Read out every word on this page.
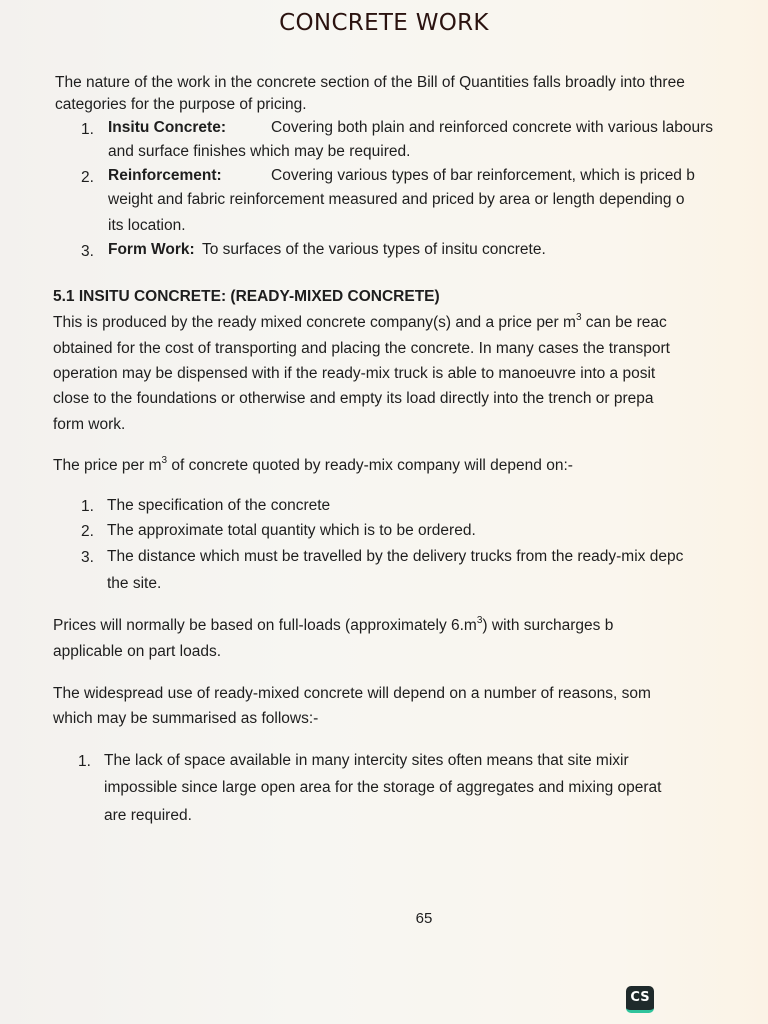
CONCRETE WORK
The nature of the work in the concrete section of the Bill of Quantities falls broadly into three
categories for the purpose of pricing.
1. Insitu Concrete:	Covering both plain and reinforced concrete with various labours
and surface finishes which may be required.
2. Reinforcement:	Covering various types of bar reinforcement, which is priced b
weight and fabric reinforcement measured and priced by area or length depending o
its location.
3. Form Work: To surfaces of the various types of insitu concrete.
5.1 INSITU CONCRETE: (READY-MIXED CONCRETE)
This is produced by the ready mixed concrete company(s) and a price per $m^3$ can be reac
obtained for the cost of transporting and placing the concrete. In many cases the transport
operation may be dispensed with if the ready-mix truck is able to manoeuvre into a posit
close to the foundations or otherwise and empty its load directly into the trench or prepa
form work.
The price per $m^3$ of concrete quoted by ready-mix company will depend on:-
1. The specification of the concrete
2. The approximate total quantity which is to be ordered.
3. The distance which must be travelled by the delivery trucks from the ready-mix depc
the site.
Prices will normally be based on full-loads (approximately $6.m^3$) with surcharges b
applicable on part loads.
The widespread use of ready-mixed concrete will depend on a number of reasons, som
which may be summarised as follows:-
1. The lack of space available in many intercity sites often means that site mixir
impossible since large open area for the storage of aggregates and mixing operat
are required.
65
CS
